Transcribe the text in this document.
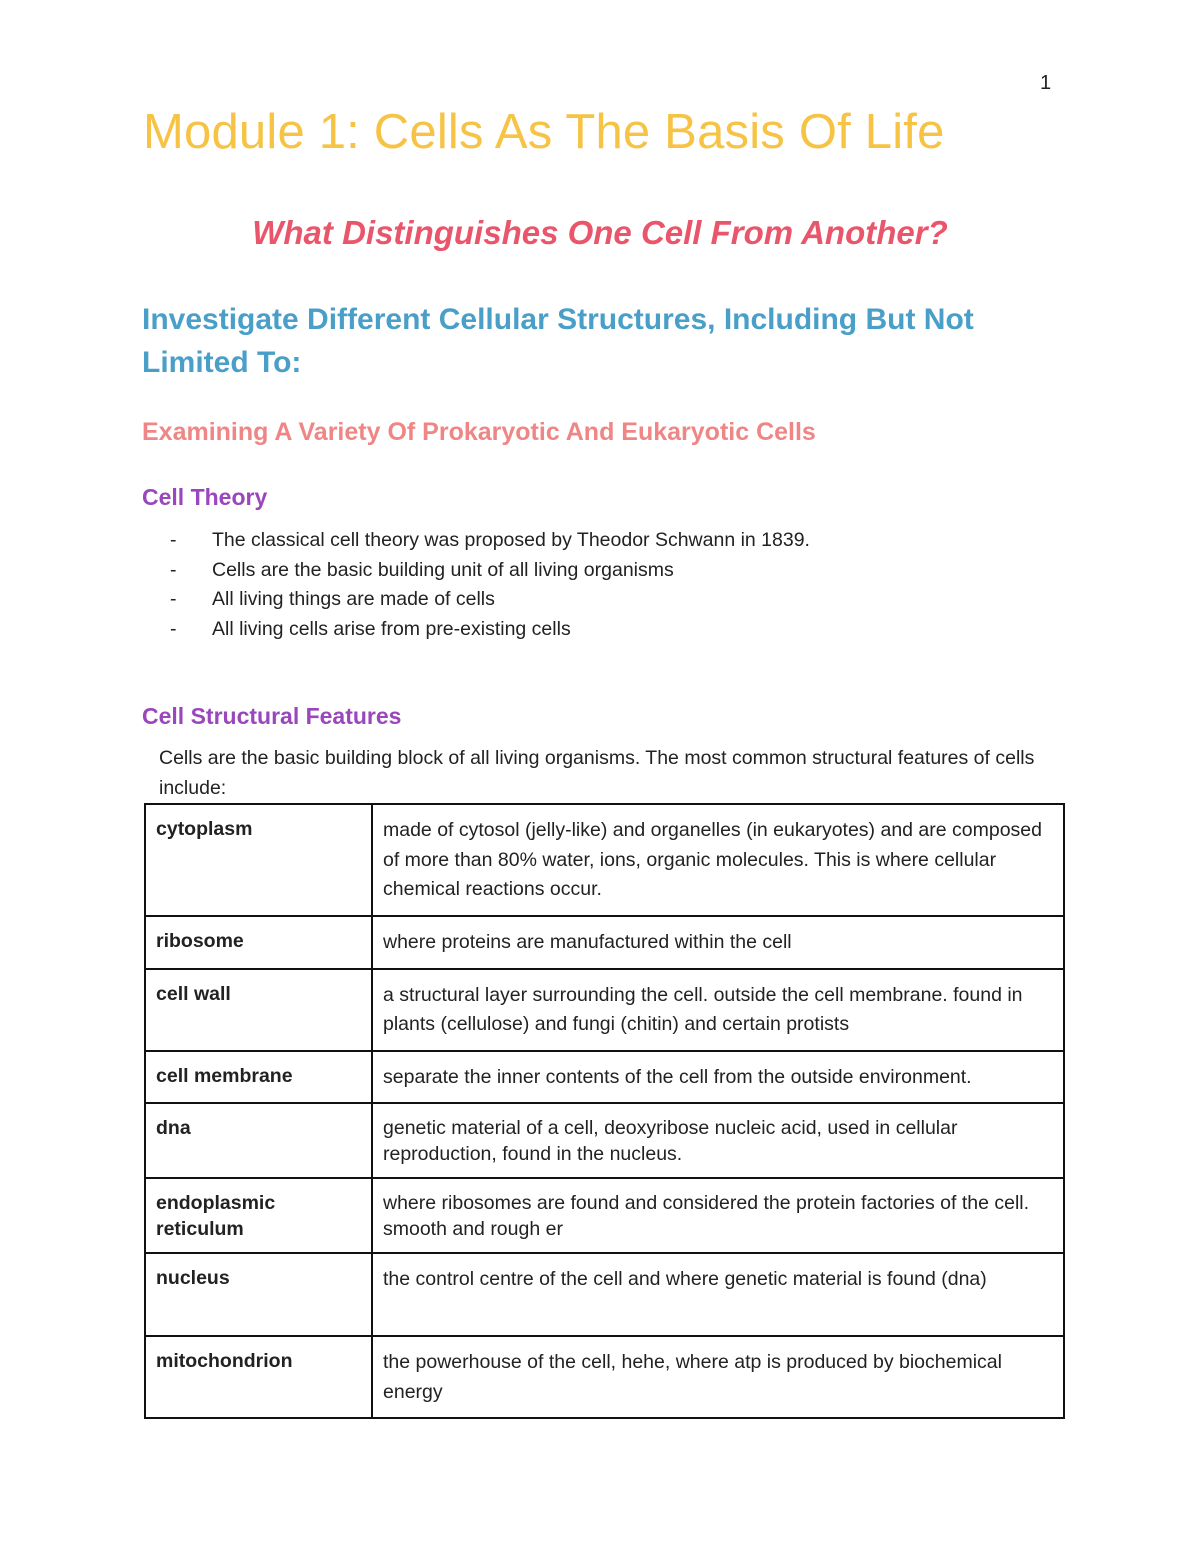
1
Module 1: Cells As The Basis Of Life
What Distinguishes One Cell From Another?
Investigate Different Cellular Structures, Including But Not Limited To:
Examining A Variety Of Prokaryotic And Eukaryotic Cells
Cell Theory
-	The classical cell theory was proposed by Theodor Schwann in 1839.
-	Cells are the basic building unit of all living organisms
-	All living things are made of cells
-	All living cells arise from pre-existing cells
Cell Structural Features

Cells are the basic building block of all living organisms. The most common structural features of cells include:

cytoplasm	made of cytosol (jelly-like) and organelles (in eukaryotes) and are composed of more than 80% water, ions, organic molecules. This is where cellular chemical reactions occur.
ribosome	where proteins are manufactured within the cell
cell wall	a structural layer surrounding the cell. outside the cell membrane. found in plants (cellulose) and fungi (chitin) and certain protists
cell membrane	separate the inner contents of the cell from the outside environment.
dna	genetic material of a cell, deoxyribose nucleic acid, used in cellular reproduction, found in the nucleus.
endoplasmic reticulum	where ribosomes are found and considered the protein factories of the cell. smooth and rough er
nucleus	the control centre of the cell and where genetic material is found (dna)
mitochondrion	the powerhouse of the cell, hehe, where atp is produced by biochemical energy
